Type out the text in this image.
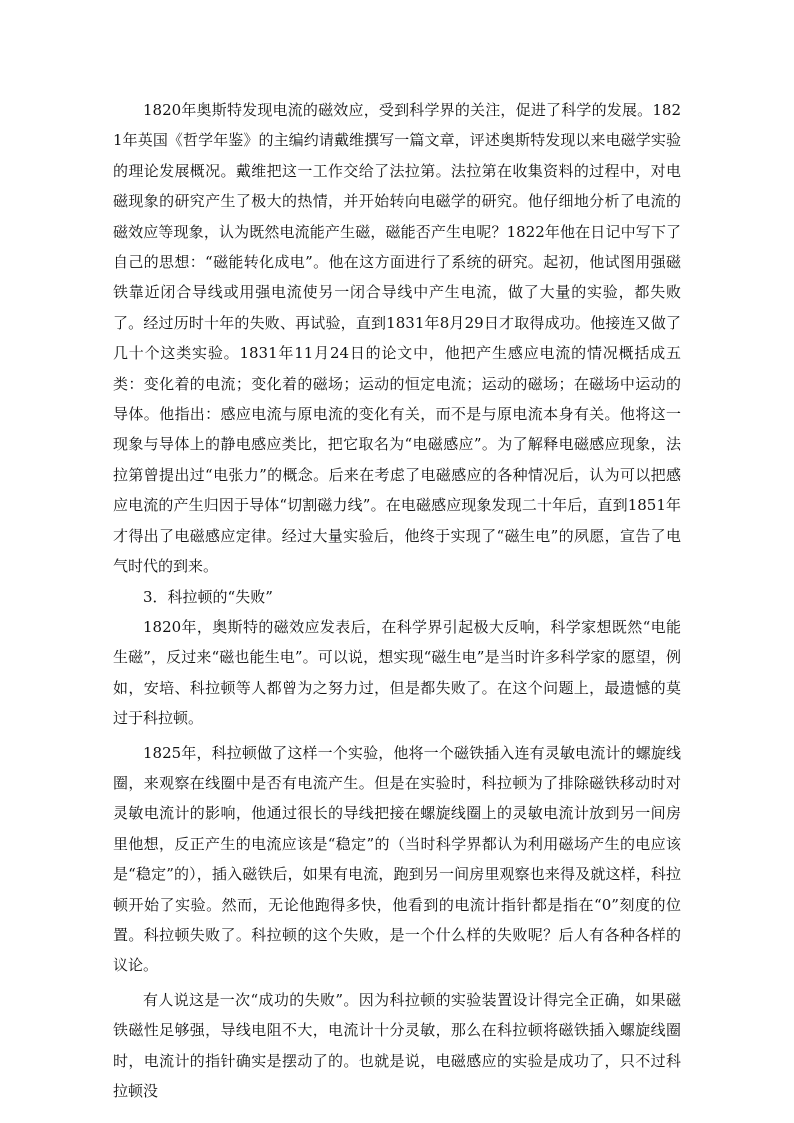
1820年奥斯特发现电流的磁效应，受到科学界的关注，促进了科学的发展。1821年英国《哲学年鉴》的主编约请戴维撰写一篇文章，评述奥斯特发现以来电磁学实验的理论发展概况。戴维把这一工作交给了法拉第。法拉第在收集资料的过程中，对电磁现象的研究产生了极大的热情，并开始转向电磁学的研究。他仔细地分析了电流的磁效应等现象，认为既然电流能产生磁，磁能否产生电呢？1822年他在日记中写下了自己的思想：“磁能转化成电”。他在这方面进行了系统的研究。起初，他试图用强磁铁靠近闭合导线或用强电流使另一闭合导线中产生电流，做了大量的实验，都失败了。经过历时十年的失败、再试验，直到1831年8月29日才取得成功。他接连又做了几十个这类实验。1831年11月24日的论文中，他把产生感应电流的情况概括成五类：变化着的电流；变化着的磁场；运动的恒定电流；运动的磁场；在磁场中运动的导体。他指出：感应电流与原电流的变化有关，而不是与原电流本身有关。他将这一现象与导体上的静电感应类比，把它取名为“电磁感应”。为了解释电磁感应现象，法拉第曾提出过“电张力”的概念。后来在考虑了电磁感应的各种情况后，认为可以把感应电流的产生归因于导体“切割磁力线”。在电磁感应现象发现二十年后，直到1851年才得出了电磁感应定律。经过大量实验后，他终于实现了“磁生电”的夙愿，宣告了电气时代的到来。

3．科拉顿的“失败”

1820年，奥斯特的磁效应发表后，在科学界引起极大反响，科学家想既然“电能生磁”，反过来“磁也能生电”。可以说，想实现“磁生电”是当时许多科学家的愿望，例如，安培、科拉顿等人都曾为之努力过，但是都失败了。在这个问题上，最遗憾的莫过于科拉顿。

1825年，科拉顿做了这样一个实验，他将一个磁铁插入连有灵敏电流计的螺旋线圈，来观察在线圈中是否有电流产生。但是在实验时，科拉顿为了排除磁铁移动时对灵敏电流计的影响，他通过很长的导线把接在螺旋线圈上的灵敏电流计放到另一间房里他想，反正产生的电流应该是“稳定”的（当时科学界都认为利用磁场产生的电应该是“稳定”的），插入磁铁后，如果有电流，跑到另一间房里观察也来得及就这样，科拉顿开始了实验。然而，无论他跑得多快，他看到的电流计指针都是指在“0”刻度的位置。科拉顿失败了。科拉顿的这个失败，是一个什么样的失败呢？后人有各种各样的议论。

有人说这是一次“成功的失败”。因为科拉顿的实验装置设计得完全正确，如果磁铁磁性足够强，导线电阻不大，电流计十分灵敏，那么在科拉顿将磁铁插入螺旋线圈时，电流计的指针确实是摆动了的。也就是说，电磁感应的实验是成功了，只不过科拉顿没
